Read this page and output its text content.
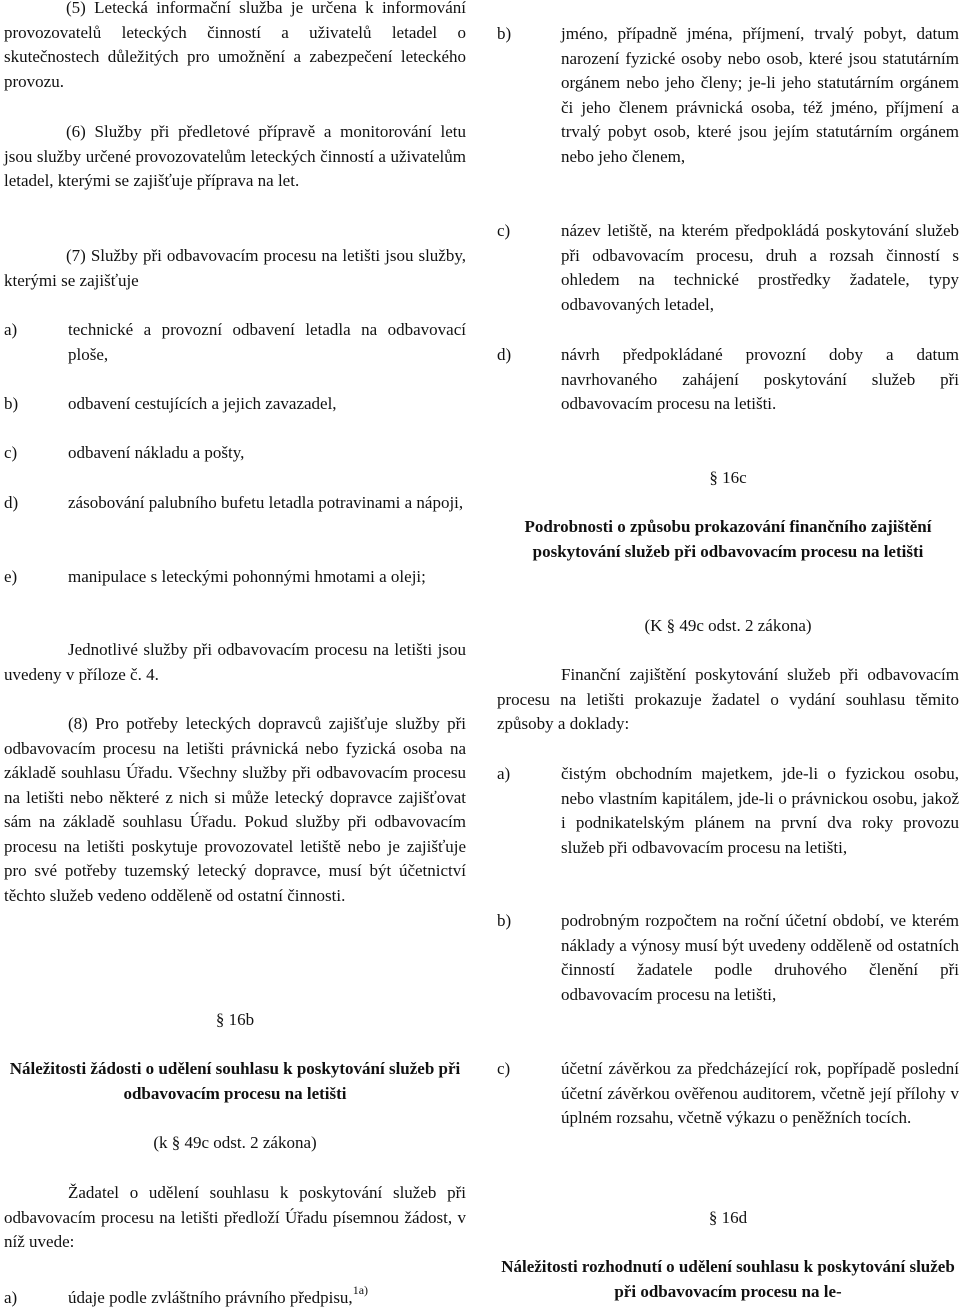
(5) Letecká informační služba je určena k informování provozovatelů leteckých činností a uživatelů letadel o skutečnostech důležitých pro umožnění a zabezpečení leteckého provozu.
(6) Služby při předletové přípravě a monitorování letu jsou služby určené provozovatelům leteckých činností a uživatelům letadel, kterými se zajišťuje příprava na let.
(7) Služby při odbavovacím procesu na letišti jsou služby, kterými se zajišťuje
a)	technické a provozní odbavení letadla na odbavovací ploše,
b)	odbavení cestujících a jejich zavazadel,
c)	odbavení nákladu a pošty,
d)	zásobování palubního bufetu letadla potravinami a nápoji,
e)	manipulace s leteckými pohonnými hmotami a oleji;
Jednotlivé služby při odbavovacím procesu na letišti jsou uvedeny v příloze č. 4.
(8) Pro potřeby leteckých dopravců zajišťuje služby při odbavovacím procesu na letišti právnická nebo fyzická osoba na základě souhlasu Úřadu. Všechny služby při odbavovacím procesu na letišti nebo některé z nich si může letecký dopravce zajišťovat sám na základě souhlasu Úřadu. Pokud služby při odbavovacím procesu na letišti poskytuje provozovatel letiště nebo je zajišťuje pro své potřeby tuzemský letecký dopravce, musí být účetnictví těchto služeb vedeno odděleně od ostatní činnosti.
§ 16b
Náležitosti žádosti o udělení souhlasu k poskytování služeb při odbavovacím procesu na letišti
(k § 49c odst. 2 zákona)
Žadatel o udělení souhlasu k poskytování služeb při odbavovacím procesu na letišti předloží Úřadu písemnou žádost, v níž uvede:
a)	údaje podle zvláštního právního předpisu,$^{1a)}$
b)	jméno, případně jména, příjmení, trvalý pobyt, datum narození fyzické osoby nebo osob, které jsou statutárním orgánem nebo jeho členy; je-li jeho statutárním orgánem či jeho členem právnická osoba, též jméno, příjmení a trvalý pobyt osob, které jsou jejím statutárním orgánem nebo jeho členem,
c)	název letiště, na kterém předpokládá poskytování služeb při odbavovacím procesu, druh a rozsah činností s ohledem na technické prostředky žadatele, typy odbavovaných letadel,
d)	návrh předpokládané provozní doby a datum navrhovaného zahájení poskytování služeb při odbavovacím procesu na letišti.
§ 16c
Podrobnosti o způsobu prokazování finančního zajištění poskytování služeb při odbavovacím procesu na letišti
(K § 49c odst. 2 zákona)
Finanční zajištění poskytování služeb při odbavovacím procesu na letišti prokazuje žadatel o vydání souhlasu těmito způsoby a doklady:
a)	čistým obchodním majetkem, jde-li o fyzickou osobu, nebo vlastním kapitálem, jde-li o právnickou osobu, jakož i podnikatelským plánem na první dva roky provozu služeb při odbavovacím procesu na letišti,
b)	podrobným rozpočtem na roční účetní období, ve kterém náklady a výnosy musí být uvedeny odděleně od ostatních činností žadatele podle druhového členění při odbavovacím procesu na letišti,
c)	účetní závěrkou za předcházející rok, popřípadě poslední účetní závěrkou ověřenou auditorem, včetně její přílohy v úplném rozsahu, včetně výkazu o peněžních tocích.
§ 16d
Náležitosti rozhodnutí o udělení souhlasu k poskytování služeb při odbavovacím procesu na le-
